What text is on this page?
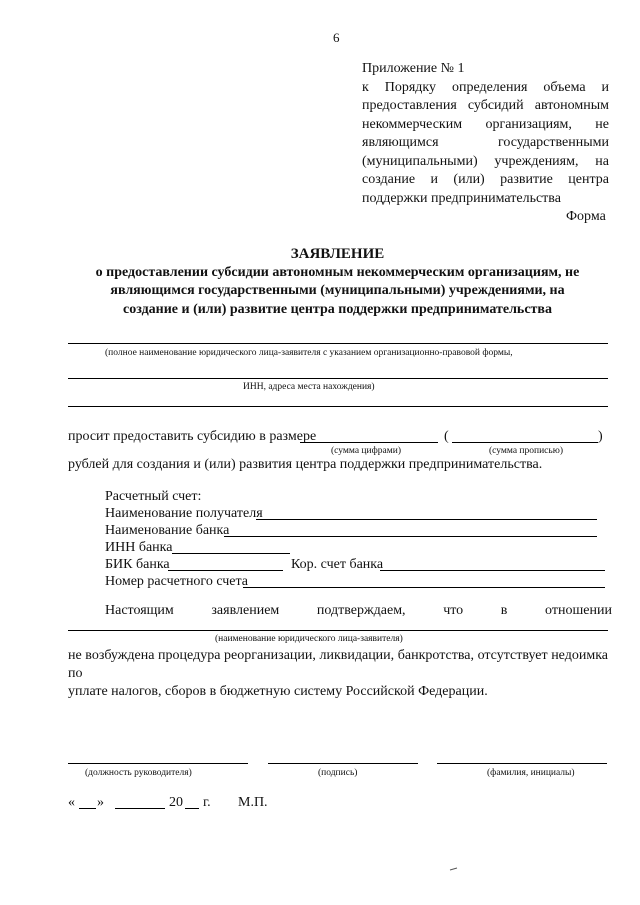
6
Приложение № 1
к Порядку определения объема и
предоставления субсидий автономным
некоммерческим организациям, не
являющимся государственными
(муниципальными) учреждениям, на
создание и (или) развитие центра
поддержки предпринимательства
Форма
ЗАЯВЛЕНИЕ
о предоставлении субсидии автономным некоммерческим организациям, не
являющимся государственными (муниципальными) учреждениями, на
создание и (или) развитие центра поддержки предпринимательства
(полное наименование юридического лица-заявителя с указанием организационно-правовой формы,
ИНН, адреса места нахождения)
просит предоставить субсидию в размере	(	)
(сумма цифрами)	(сумма прописью)
рублей для создания и (или) развития центра поддержки предпринимательства.
Расчетный счет:
Наименование получателя
Наименование банка
ИНН банка
БИК банка	Кор. счет банка
Номер расчетного счета
Настоящим	заявлением	подтверждаем,	что	в	отношении
(наименование юридического лица-заявителя)
не возбуждена процедура реорганизации, ликвидации, банкротства, отсутствует недоимка по
уплате налогов, сборов в бюджетную систему Российской Федерации.
(должность руководителя)	(подпись)	(фамилия, инициалы)
« »	20 г. М.П.
